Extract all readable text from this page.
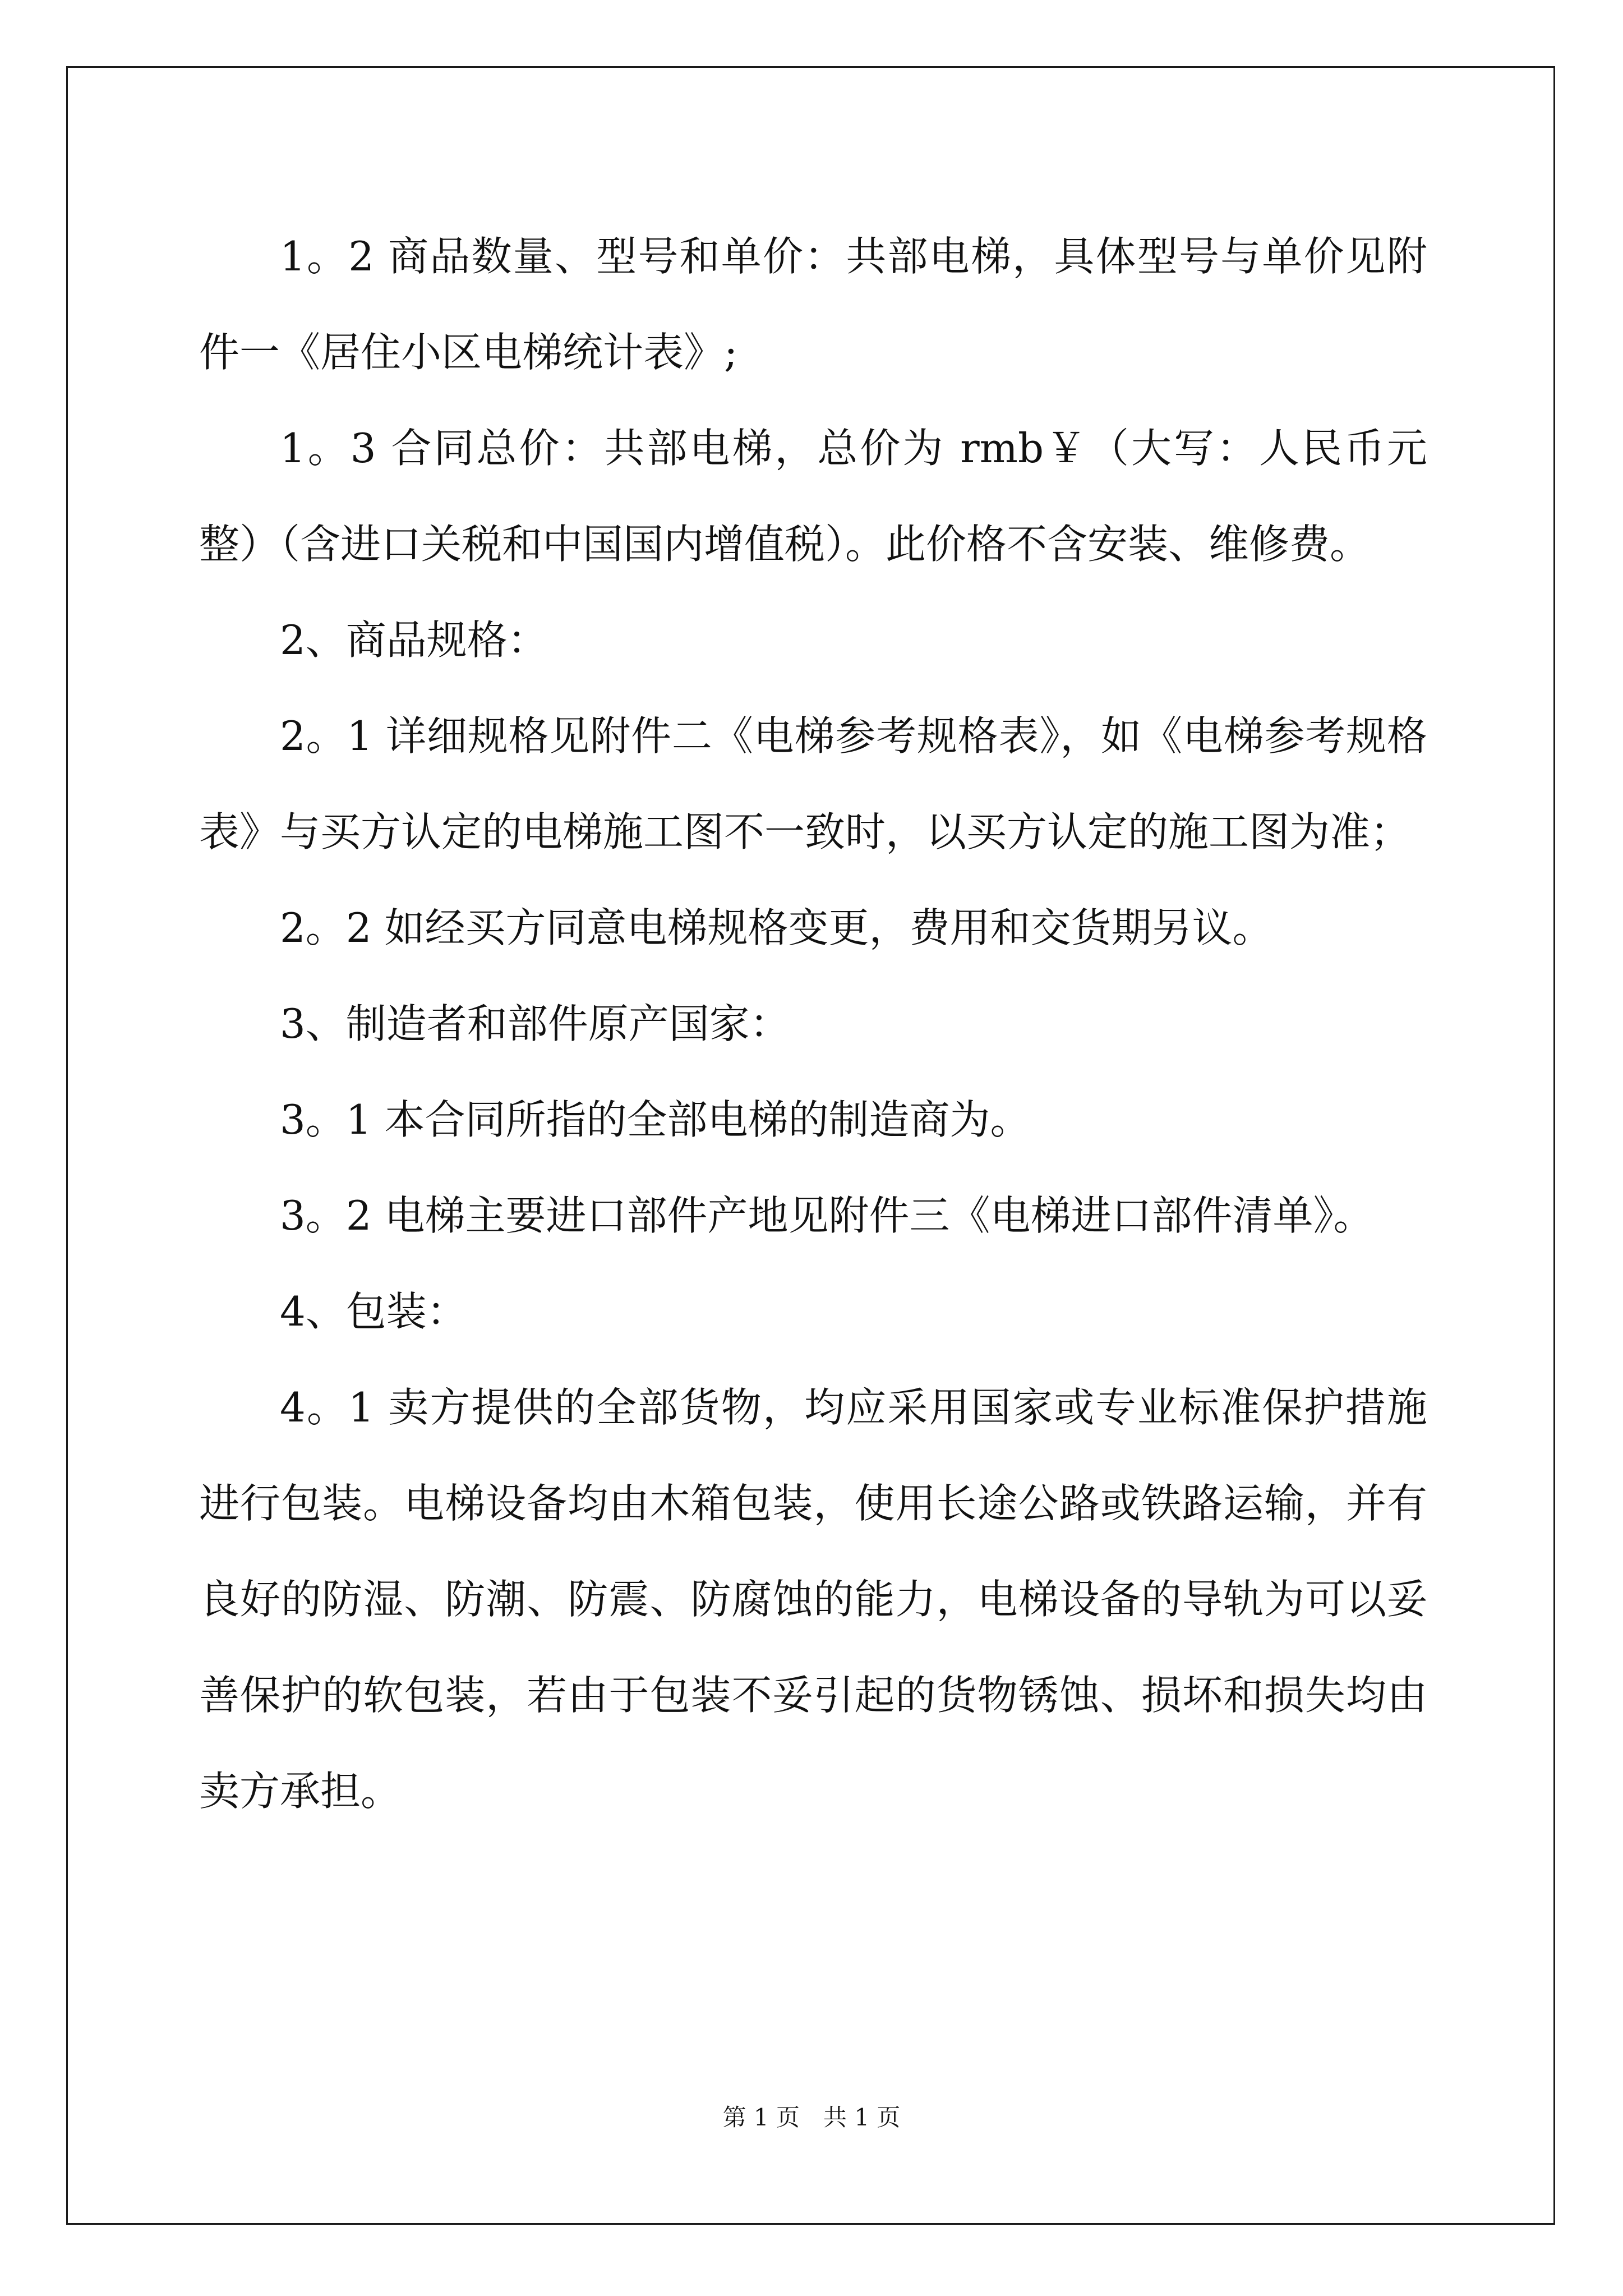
1。2 商品数量、型号和单价：共部电梯，具体型号与单价见附件一《居住小区电梯统计表》;

1。3 合同总价：共部电梯，总价为 rmb￥（大写：人民币元整）（含进口关税和中国国内增值税）。此价格不含安装、维修费。

2、商品规格：

2。1 详细规格见附件二《电梯参考规格表》，如《电梯参考规格表》与买方认定的电梯施工图不一致时，以买方认定的施工图为准；

2。2 如经买方同意电梯规格变更，费用和交货期另议。

3、制造者和部件原产国家：

3。1 本合同所指的全部电梯的制造商为。

3。2 电梯主要进口部件产地见附件三《电梯进口部件清单》。

4、包装：

4。1 卖方提供的全部货物，均应采用国家或专业标准保护措施进行包装。电梯设备均由木箱包装，使用长途公路或铁路运输，并有良好的防湿、防潮、防震、防腐蚀的能力，电梯设备的导轨为可以妥善保护的软包装，若由于包装不妥引起的货物锈蚀、损坏和损失均由卖方承担。

第 1 页　共 1 页
